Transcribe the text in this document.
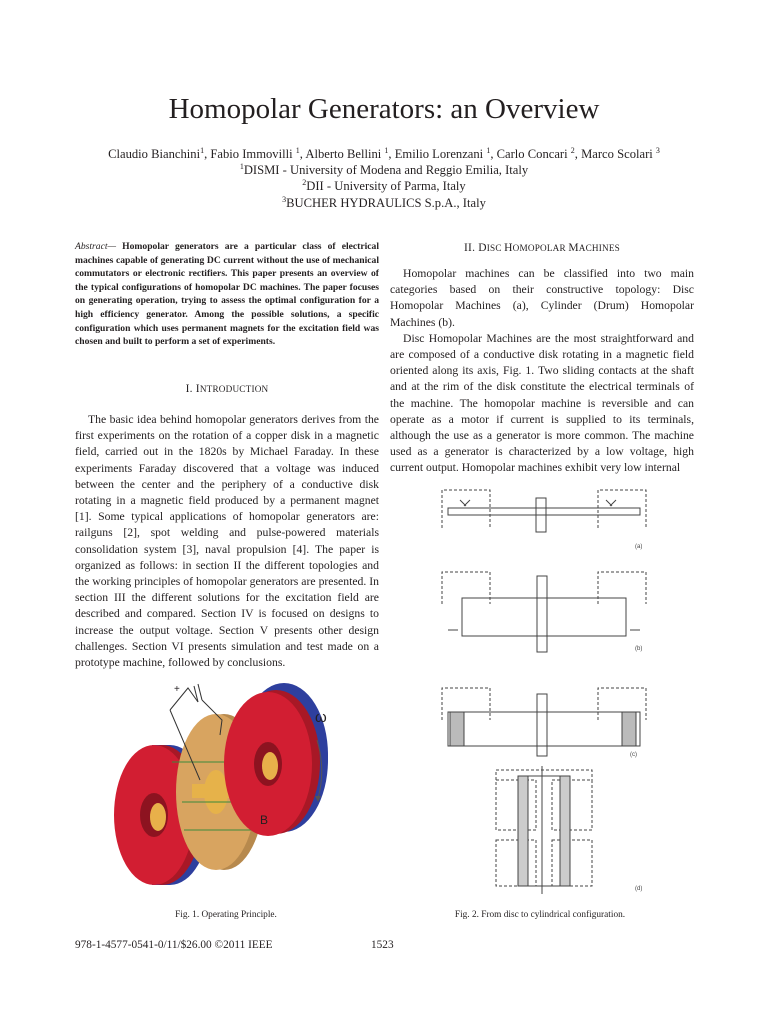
Homopolar Generators: an Overview
Claudio Bianchini$^1$, Fabio Immovilli $^1$, Alberto Bellini $^1$, Emilio Lorenzani $^1$, Carlo Concari $^2$, Marco Scolari $^3$
$^1$DISMI - University of Modena and Reggio Emilia, Italy
$^2$DII - University of Parma, Italy
$^3$BUCHER HYDRAULICS S.p.A., Italy
Abstract— Homopolar generators are a particular class of electrical machines capable of generating DC current without the use of mechanical commutators or electronic rectifiers. This paper presents an overview of the typical configurations of homopolar DC machines. The paper focuses on generating operation, trying to assess the optimal configuration for a high efficiency generator. Among the possible solutions, a specific configuration which uses permanent magnets for the excitation field was chosen and built to perform a set of experiments.
I. INTRODUCTION

The basic idea behind homopolar generators derives from the first experiments on the rotation of a copper disk in a magnetic field, carried out in the 1820s by Michael Faraday. In these experiments Faraday discovered that a voltage was induced between the center and the periphery of a conductive disk rotating in a magnetic field produced by a permanent magnet [1]. Some typical applications of homopolar generators are: railguns [2], spot welding and pulse-powered materials consolidation system [3], naval propulsion [4]. The paper is organized as follows: in section II the different topologies and the working principles of homopolar generators are presented. In section III the different solutions for the excitation field are described and compared. Section IV is focused on designs to increase the output voltage. Section V presents other design challenges. Section VI presents simulation and test made on a prototype machine, followed by conclusions.

II. DISC HOMOPOLAR MACHINES

Homopolar machines can be classified into two main categories based on their constructive topology: Disc Homopolar Machines (a), Cylinder (Drum) Homopolar Machines (b).

Disc Homopolar Machines are the most straightforward and are composed of a conductive disk rotating in a magnetic field oriented along its axis, Fig. 1. Two sliding contacts at the shaft and at the rim of the disk constitute the electrical terminals of the machine. The homopolar machine is reversible and can operate as a motor if current is supplied to its terminals, although the use as a generator is more common. The machine used as a generator is characterized by a low voltage, high current output. Homopolar machines exhibit very low internal

+
ω
B
(a)
(b)
(c)
(d)
Fig. 1. Operating Principle.	Fig. 2. From disc to cylindrical configuration.
978-1-4577-0541-0/11/$26.00 ©2011 IEEE	1523
